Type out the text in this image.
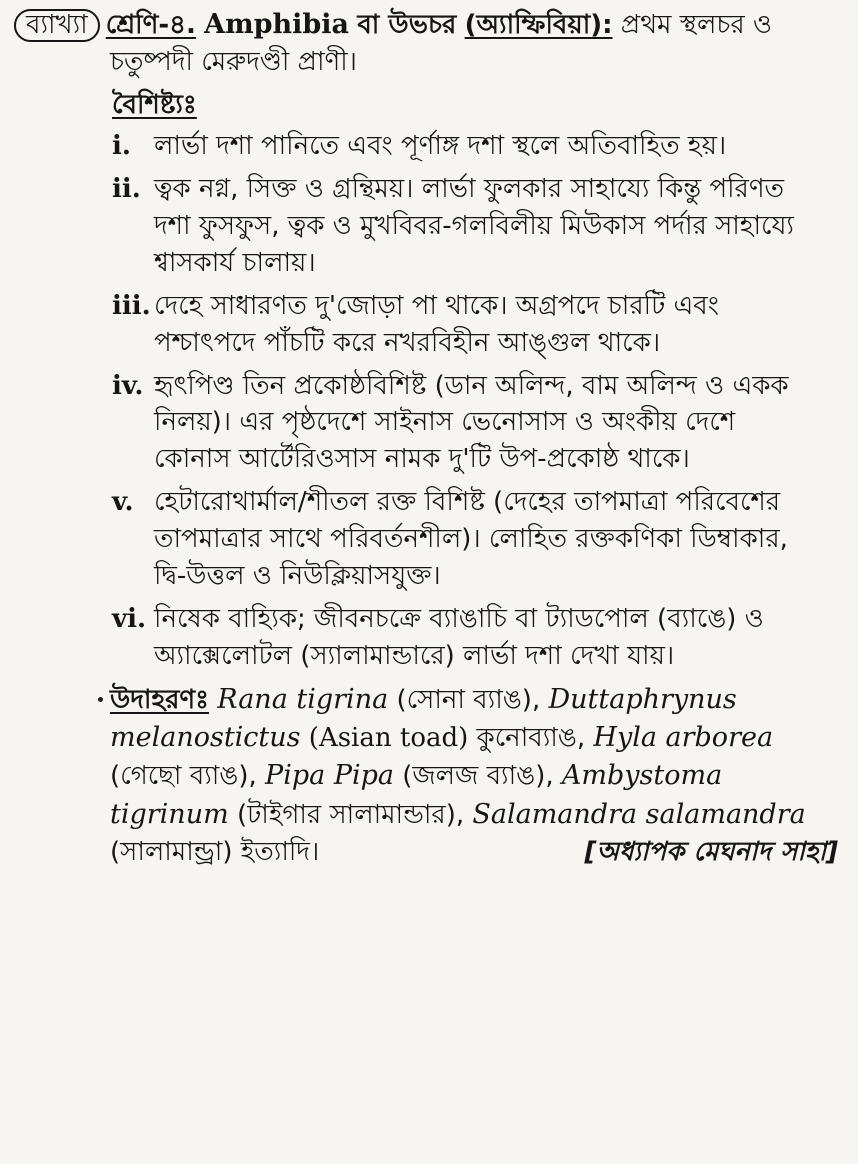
ব্যাখ্যা শ্রেণি-৪. Amphibia বা উভচর (অ্যাম্ফিবিয়া): প্রথম স্থলচর ও
চতুষ্পদী মেরুদণ্ডী প্রাণী।
বৈশিষ্ট্যঃ
i. লার্ভা দশা পানিতে এবং পূর্ণাঙ্গ দশা স্থলে অতিবাহিত হয়।
ii. ত্বক নগ্ন, সিক্ত ও গ্রন্থিময়। লার্ভা ফুলকার সাহায্যে কিন্তু পরিণত
দশা ফুসফুস, ত্বক ও মুখবিবর-গলবিলীয় মিউকাস পর্দার সাহায্যে
শ্বাসকার্য চালায়।
iii. দেহে সাধারণত দু'জোড়া পা থাকে। অগ্রপদে চারটি এবং
পশ্চাৎপদে পাঁচটি করে নখরবিহীন আঙ্গুল থাকে।
iv. হৃৎপিণ্ড তিন প্রকোষ্ঠবিশিষ্ট (ডান অলিন্দ, বাম অলিন্দ ও একক
নিলয়)। এর পৃষ্ঠদেশে সাইনাস ভেনোসাস ও অংকীয় দেশে
কোনাস আর্টেরিওসাস নামক দু'টি উপ-প্রকোষ্ঠ থাকে।
v. হেটারোথার্মাল/শীতল রক্ত বিশিষ্ট (দেহের তাপমাত্রা পরিবেশের
তাপমাত্রার সাথে পরিবর্তনশীল)। লোহিত রক্তকণিকা ডিম্বাকার,
দ্বি-উত্তল ও নিউক্লিয়াসযুক্ত।
vi. নিষেক বাহ্যিক; জীবনচক্রে ব্যাঙাচি বা ট্যাডপোল (ব্যাঙে) ও
অ্যাক্সেলোটল (স্যালামান্ডারে) লার্ভা দশা দেখা যায়।
উদাহরণঃ Rana tigrina (সোনা ব্যাঙ), Duttaphrynus
melanostictus (Asian toad) কুনোব্যাঙ, Hyla arborea
(গেছো ব্যাঙ), Pipa Pipa (জলজ ব্যাঙ), Ambystoma
tigrinum (টাইগার সালামান্ডার), Salamandra salamandra
(সালামান্ড্রা) ইত্যাদি।	[অধ্যাপক মেঘনাদ সাহা]
